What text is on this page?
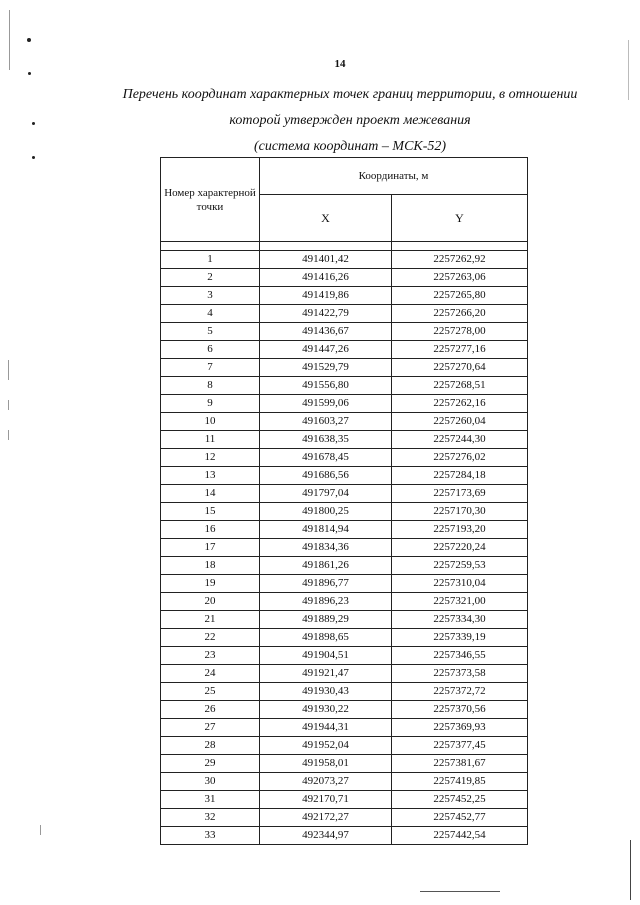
14
Перечень координат характерных точек границ территории, в отношении
которой утвержден проект межевания
(система координат – МСК-52)
Номер характерной точки	Координаты, м	
	X	Y

1	491401,42	2257262,92
2	491416,26	2257263,06
3	491419,86	2257265,80
4	491422,79	2257266,20
5	491436,67	2257278,00
6	491447,26	2257277,16
7	491529,79	2257270,64
8	491556,80	2257268,51
9	491599,06	2257262,16
10	491603,27	2257260,04
11	491638,35	2257244,30
12	491678,45	2257276,02
13	491686,56	2257284,18
14	491797,04	2257173,69
15	491800,25	2257170,30
16	491814,94	2257193,20
17	491834,36	2257220,24
18	491861,26	2257259,53
19	491896,77	2257310,04
20	491896,23	2257321,00
21	491889,29	2257334,30
22	491898,65	2257339,19
23	491904,51	2257346,55
24	491921,47	2257373,58
25	491930,43	2257372,72
26	491930,22	2257370,56
27	491944,31	2257369,93
28	491952,04	2257377,45
29	491958,01	2257381,67
30	492073,27	2257419,85
31	492170,71	2257452,25
32	492172,27	2257452,77
33	492344,97	2257442,54
